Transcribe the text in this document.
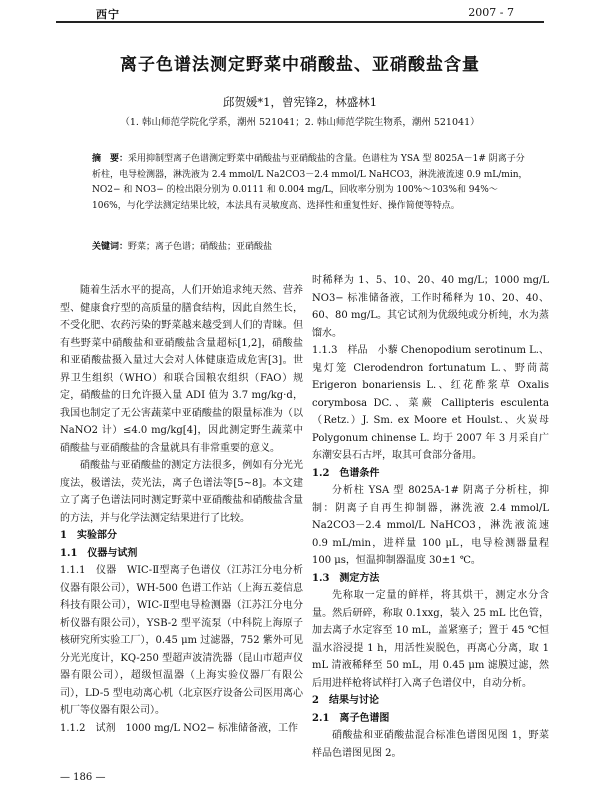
西宁	2007 - 7
离子色谱法测定野菜中硝酸盐、亚硝酸盐含量
邱贺媛*1，曾宪锋2，林盛林1
（1. 韩山师范学院化学系，潮州 521041；2. 韩山师范学院生物系，潮州 521041）
摘　要：采用抑制型离子色谱测定野菜中硝酸盐与亚硝酸盐的含量。色谱柱为 YSA 型 8025A－1# 阴离子分析柱，电导检测器，淋洗液为 2.4 mmol/L Na2CO3－2.4 mmol/L NaHCO3，淋洗液流速 0.9 mL/min，NO2− 和 NO3− 的检出限分别为 0.0111 和 0.004 mg/L，回收率分别为 100%～103%和 94%～106%，与化学法测定结果比较，本法具有灵敏度高、选择性和重复性好、操作简便等特点。
关键词：野菜；离子色谱；硝酸盐；亚硝酸盐

随着生活水平的提高，人们开始追求纯天然、营养型、健康食疗型的高质量的膳食结构，因此自然生长，不受化肥、农药污染的野菜越来越受到人们的青睐。但有些野菜中硝酸盐和亚硝酸盐含量超标[1,2]，硝酸盐和亚硝酸盐摄入量过大会对人体健康造成危害[3]。世界卫生组织（WHO）和联合国粮农组织（FAO）规定，硝酸盐的日允许摄入量 ADI 值为 3.7 mg/kg·d，我国也制定了无公害蔬菜中亚硝酸盐的限量标准为（以 NaNO2 计）≤4.0 mg/kg[4]，因此测定野生蔬菜中硝酸盐与亚硝酸盐的含量就具有非常重要的意义。

硝酸盐与亚硝酸盐的测定方法很多，例如有分光光度法，极谱法，荧光法，离子色谱法等[5~8]。本文建立了离子色谱法同时测定野菜中亚硝酸盐和硝酸盐含量的方法，并与化学法测定结果进行了比较。

1　实验部分

1.1　仪器与试剂

1.1.1　仪器　WIC-Ⅱ型离子色谱仪（江苏江分电分析仪器有限公司），WH-500 色谱工作站（上海五菱信息科技有限公司），WIC-Ⅱ型电导检测器（江苏江分电分析仪器有限公司），YSB-2 型平流泵（中科院上海原子核研究所实验工厂），0.45 μm 过滤器，752 紫外可见分光光度计，KQ-250 型超声波清洗器（昆山市超声仪器有限公司），超级恒温器（上海实验仪器厂有限公司），LD-5 型电动离心机（北京医疗设备公司医用离心机厂等仪器有限公司）。

1.1.2　试剂　1000 mg/L NO2− 标准储备液，工作

时稀释为 1、5、10、20、40 mg/L；1000 mg/L NO3− 标准储备液，工作时稀释为 10、20、40、60、80 mg/L。其它试剂为优级纯或分析纯，水为蒸馏水。

1.1.3　样品　小藜 Chenopodium serotinum L.、鬼灯笼 Clerodendron fortunatum L.、野茼蒿 Erigeron bonariensis L.、红花酢浆草 Oxalis corymbosa DC.、菜蕨 Callipteris esculenta（Retz.）J. Sm. ex Moore et Houlst.、火炭母 Polygonum chinense L. 均于 2007 年 3 月采自广东潮安县石古坪，取其可食部分备用。

1.2　色谱条件

分析柱 YSA 型 8025A-1# 阴离子分析柱，抑制：阴离子自再生抑制器，淋洗液 2.4 mmol/L Na2CO3－2.4 mmol/L NaHCO3，淋洗液流速 0.9 mL/min，进样量 100 μL，电导检测器量程 100 μs，恒温抑制器温度 30±1 ℃。

1.3　测定方法

先称取一定量的鲜样，将其烘干，测定水分含量。然后研碎，称取 0.1xxg，装入 25 mL 比色管，加去离子水定容至 10 mL，盖紧塞子；置于 45 ℃恒温水浴浸提 1 h，用活性炭脱色，再离心分离，取 1 mL 清液稀释至 50 mL，用 0.45 μm 滤膜过滤，然后用进样枪将试样打入离子色谱仪中，自动分析。

2　结果与讨论

2.1　离子色谱图

硝酸盐和亚硝酸盐混合标准色谱图见图 1，野菜样品色谱图见图 2。

— 186 —
